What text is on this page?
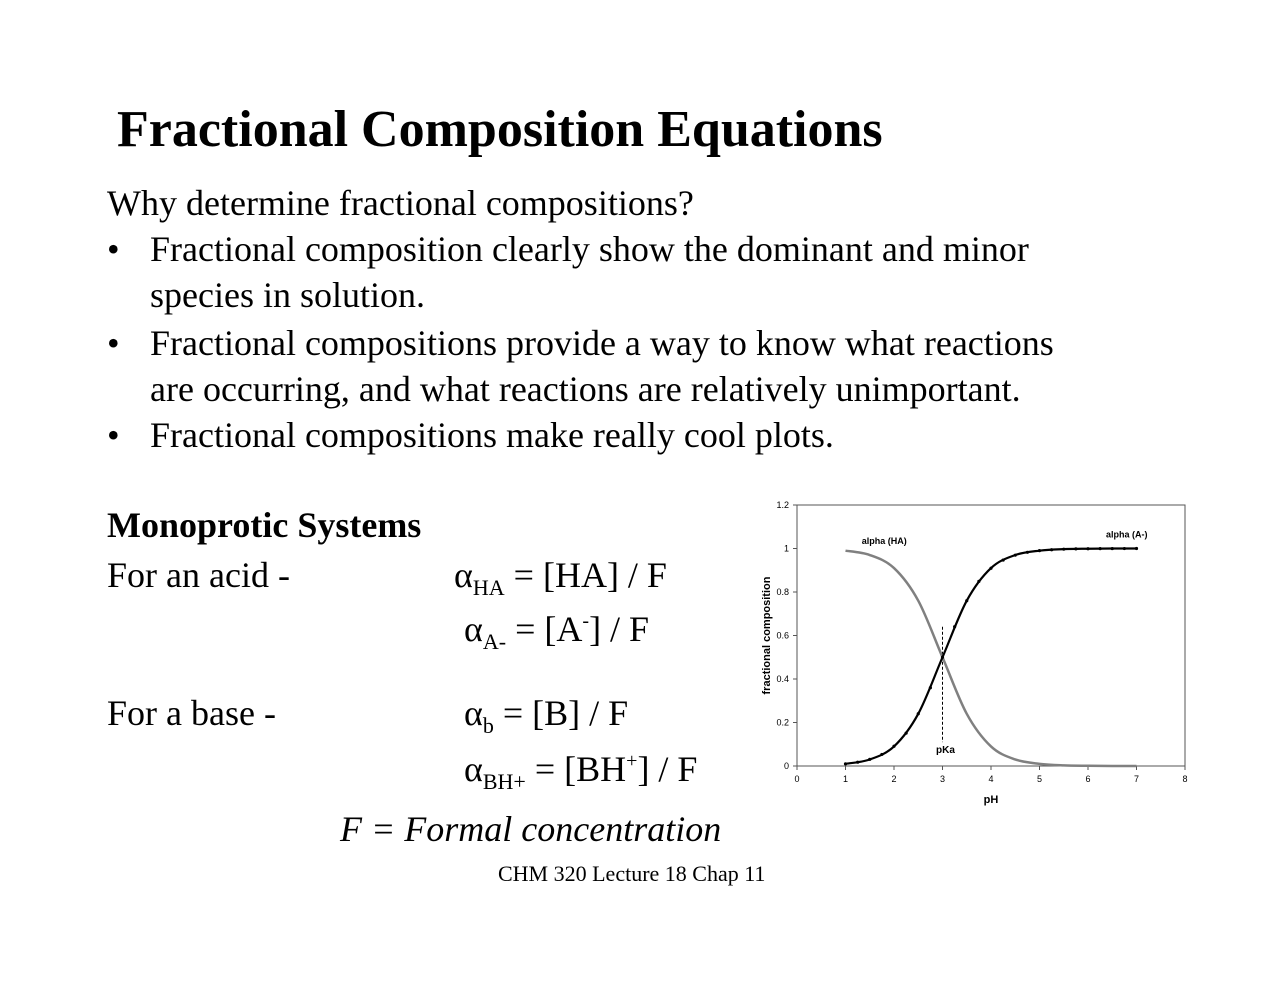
Fractional Composition Equations
Why determine fractional compositions?
• Fractional composition clearly show the dominant and minor
species in solution.
• Fractional compositions provide a way to know what reactions
are occurring, and what reactions are relatively unimportant.
• Fractional compositions make really cool plots.
Monoprotic Systems
For an acid -	$\alpha_{HA} = [HA] / F$
$\alpha_{A-} = [A^-] / F$
For a base -	$\alpha_b = [B] / F$
$\alpha_{BH+} = [BH^+] / F$
F = Formal concentration
CHM 320 Lecture 18 Chap 11
0	1	2	3	4	5	6	7	8
0
0.2
0.4
0.6
0.8
1
1.2
pH
fractional composition
pKa
alpha (HA)
alpha (A-)
